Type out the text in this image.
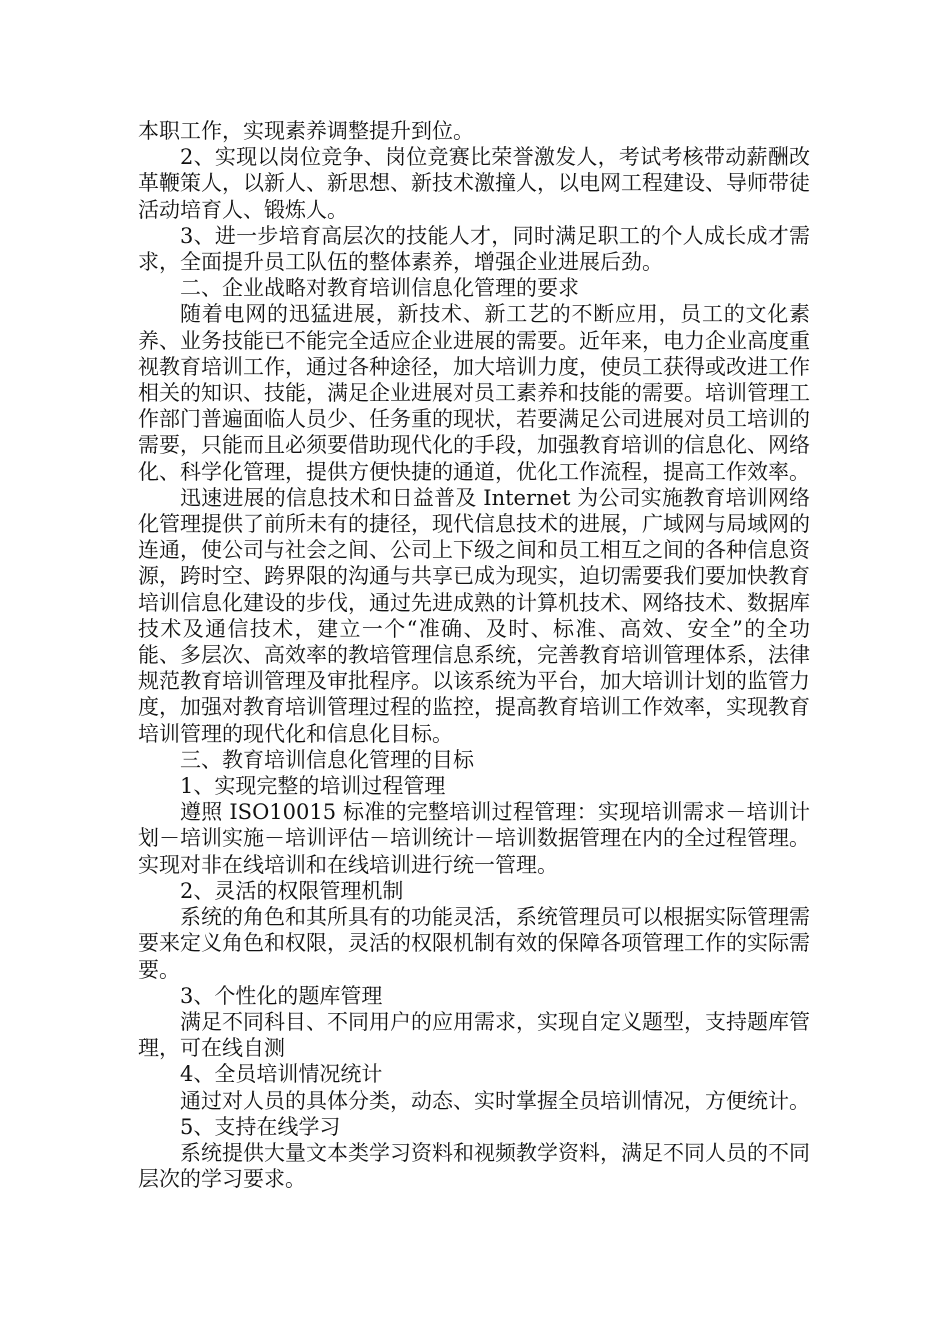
本职工作，实现素养调整提升到位。

2、实现以岗位竞争、岗位竞赛比荣誉激发人，考试考核带动薪酬改革鞭策人，以新人、新思想、新技术激撞人，以电网工程建设、导师带徒活动培育人、锻炼人。

3、进一步培育高层次的技能人才，同时满足职工的个人成长成才需求，全面提升员工队伍的整体素养，增强企业进展后劲。

二、企业战略对教育培训信息化管理的要求

随着电网的迅猛进展，新技术、新工艺的不断应用，员工的文化素养、业务技能已不能完全适应企业进展的需要。近年来，电力企业高度重视教育培训工作，通过各种途径，加大培训力度，使员工获得或改进工作相关的知识、技能，满足企业进展对员工素养和技能的需要。培训管理工作部门普遍面临人员少、任务重的现状，若要满足公司进展对员工培训的需要，只能而且必须要借助现代化的手段，加强教育培训的信息化、网络化、科学化管理，提供方便快捷的通道，优化工作流程，提高工作效率。

迅速进展的信息技术和日益普及 Internet 为公司实施教育培训网络化管理提供了前所未有的捷径，现代信息技术的进展，广域网与局域网的连通，使公司与社会之间、公司上下级之间和员工相互之间的各种信息资源，跨时空、跨界限的沟通与共享已成为现实，迫切需要我们要加快教育培训信息化建设的步伐，通过先进成熟的计算机技术、网络技术、数据库技术及通信技术，建立一个“准确、及时、标准、高效、安全”的全功能、多层次、高效率的教培管理信息系统，完善教育培训管理体系，法律规范教育培训管理及审批程序。以该系统为平台，加大培训计划的监管力度，加强对教育培训管理过程的监控，提高教育培训工作效率，实现教育培训管理的现代化和信息化目标。

三、教育培训信息化管理的目标

1、实现完整的培训过程管理

遵照 ISO10015 标准的完整培训过程管理：实现培训需求－培训计划－培训实施－培训评估－培训统计－培训数据管理在内的全过程管理。实现对非在线培训和在线培训进行统一管理。

2、灵活的权限管理机制

系统的角色和其所具有的功能灵活，系统管理员可以根据实际管理需要来定义角色和权限，灵活的权限机制有效的保障各项管理工作的实际需要。

3、个性化的题库管理

满足不同科目、不同用户的应用需求，实现自定义题型，支持题库管理，可在线自测

4、全员培训情况统计

通过对人员的具体分类，动态、实时掌握全员培训情况，方便统计。

5、支持在线学习

系统提供大量文本类学习资料和视频教学资料，满足不同人员的不同层次的学习要求。
